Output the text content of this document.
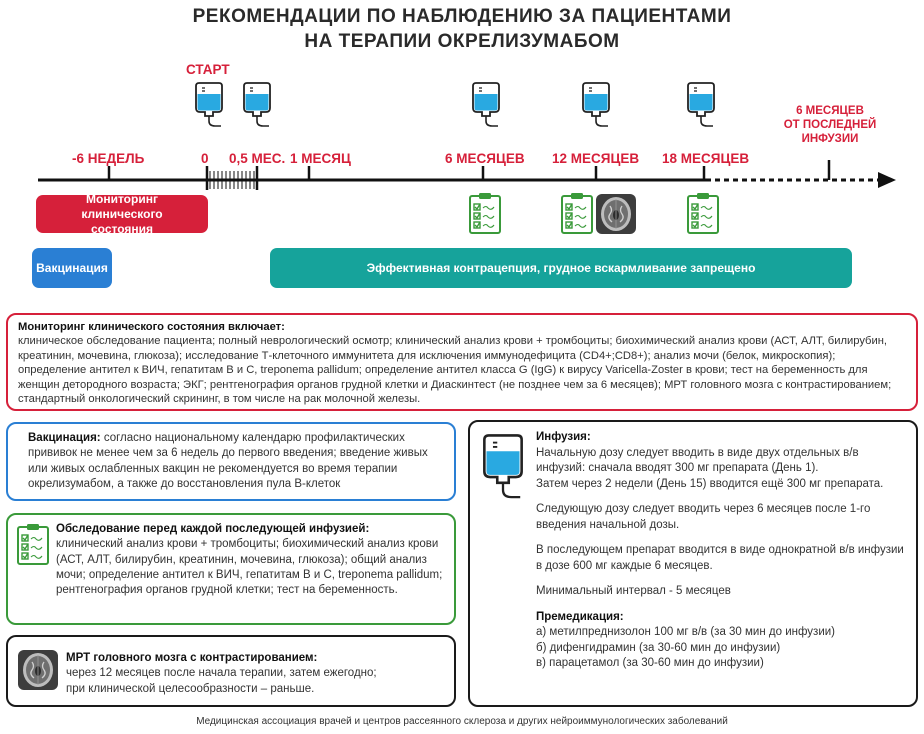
РЕКОМЕНДАЦИИ ПО НАБЛЮДЕНИЮ ЗА ПАЦИЕНТАМИ
НА ТЕРАПИИ ОКРЕЛИЗУМАБОМ
СТАРТ
-6 НЕДЕЛЬ	0 0,5 МЕС. 1 МЕСЯЦ	6 МЕСЯЦЕВ 12 МЕСЯЦЕВ 18 МЕСЯЦЕВ
6 МЕСЯЦЕВ
ОТ ПОСЛЕДНЕЙ
ИНФУЗИИ
Мониторинг клинического состояния
Вакцинация	Эффективная контрацепция, грудное вскармливание запрещено
Мониторинг клинического состояния включает:
клиническое обследование пациента; полный неврологический осмотр; клинический анализ крови + тромбоциты; биохимический анализ крови (АСТ, АЛТ, билирубин, креатинин, мочевина, глюкоза); исследование Т-клеточного иммунитета для исключения иммунодефицита (CD4+;CD8+); анализ мочи (белок, микроскопия); определение антител к ВИЧ, гепатитам В и С, treponema pallidum; определение антител класса G (IgG) к вирусу Varicella-Zoster в крови; тест на беременность для женщин детородного возраста; ЭКГ; рентгенография органов грудной клетки и Диаскинтест (не позднее чем за 6 месяцев); МРТ головного мозга с контрастированием; стандартный онкологический скрининг, в том числе на рак молочной железы.
Вакцинация: согласно национальному календарю профилактических прививок не менее чем за 6 недель до первого введения; введение живых или живых ослабленных вакцин не рекомендуется во время терапии окрелизумабом, а также до восстановления пула В-клеток
Обследование перед каждой последующей инфузией:
клинический анализ крови + тромбоциты; биохимический анализ крови (АСТ, АЛТ, билирубин, креатинин, мочевина, глюкоза); общий анализ мочи; определение антител к ВИЧ, гепатитам В и С, treponema pallidum; рентгенография органов грудной клетки; тест на беременность.
МРТ головного мозга с контрастированием:
через 12 месяцев после начала терапии, затем ежегодно;
при клинической целесообразности – раньше.
Инфузия:

Начальную дозу следует вводить в виде двух отдельных в/в инфузий: сначала вводят 300 мг препарата (День 1).

Затем через 2 недели (День 15) вводится ещё 300 мг препарата.

Следующую дозу следует вводить через 6 месяцев после 1-го введения начальной дозы.

В последующем препарат вводится в виде однократной в/в инфузии в дозе 600 мг каждые 6 месяцев.

Минимальный интервал - 5 месяцев

Премедикация:

а) метилпреднизолон 100 мг в/в (за 30 мин до инфузии)

б) дифенгидрамин (за 30-60 мин до инфузии)

в) парацетамол (за 30-60 мин до инфузии)

Медицинская ассоциация врачей и центров рассеянного склероза и других нейроиммунологических заболеваний
